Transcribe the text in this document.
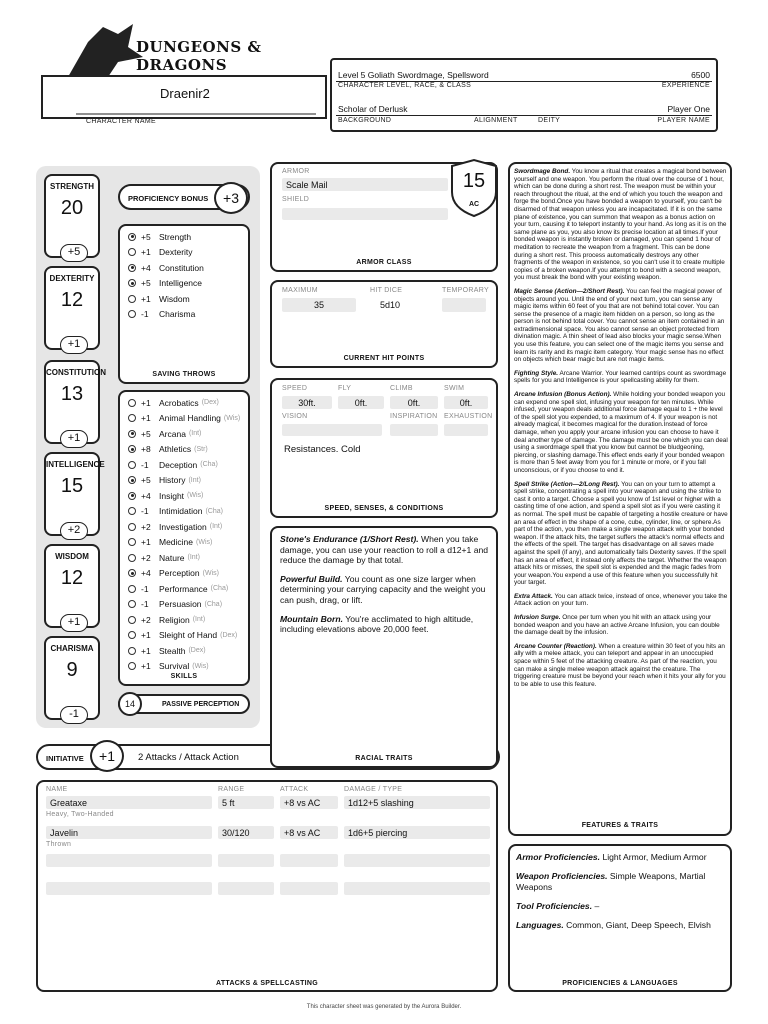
DUNGEONS & DRAGONS
Draenir2
CHARACTER NAME
Level 5 Goliath Swordmage, Spellsword	6500
CHARACTER LEVEL, RACE, & CLASS	EXPERIENCE
Scholar of Derlusk	Player One
BACKGROUND	ALIGNMENT	DEITY	PLAYER NAME
STRENGTH
20
+5
DEXTERITY
12
+1
CONSTITUTION
13
+1
INTELLIGENCE
15
+2
WISDOM
12
+1
CHARISMA
9
-1
PROFICIENCY BONUS	+3
SAVING THROWS
+5 Strength
+1 Dexterity
+4 Constitution
+5 Intelligence
+1 Wisdom
-1	Charisma
SKILLS
+1 Acrobatics (Dex)
+1 Animal Handling (Wis)
+5 Arcana (Int)
+8 Athletics (Str)
-1	Deception (Cha)
+5 History (Int)
+4 Insight (Wis)
-1	Intimidation (Cha)
+2 Investigation (Int)
+1 Medicine (Wis)
+2 Nature (Int)
+4 Perception (Wis)
-1	Performance (Cha)
-1	Persuasion (Cha)
+2 Religion (Int)
+1 Sleight of Hand (Dex)
+1 Stealth (Dex)
+1 Survival (Wis)
PASSIVE PERCEPTION
14
INITIATIVE	2 Attacks / Attack Action
+1
ARMOR
Scale Mail
SHIELD
ARMOR CLASS
15
AC
MAXIMUM	HIT DICE	TEMPORARY
35	5d10
CURRENT HIT POINTS
SPEED	FLY	CLIMB	SWIM
30ft.	0ft.	0ft.	0ft.
VISION	INSPIRATION EXHAUSTION
Resistances. Cold
SPEED, SENSES, & CONDITIONS

Stone's Endurance (1/Short Rest). When you take damage, you can use your reaction to roll a d12+1 and reduce the damage by that total.

Powerful Build. You count as one size larger when determining your carrying capacity and the weight you can push, drag, or lift.

Mountain Born. You're acclimated to high altitude, including elevations above 20,000 feet.

RACIAL TRAITS
NAME	RANGE	ATTACK	DAMAGE / TYPE
Greataxe	5 ft	+8 vs AC	1d12+5 slashing
Heavy, Two-Handed
Javelin	30/120	+8 vs AC	1d6+5 piercing
Thrown
ATTACKS & SPELLCASTING

Swordmage Bond. You know a ritual that creates a magical bond between yourself and one weapon. You perform the ritual over the course of 1 hour, which can be done during a short rest. The weapon must be within your reach throughout the ritual, at the end of which you touch the weapon and forge the bond.Once you have bonded a weapon to yourself, you can't be disarmed of that weapon unless you are incapacitated. If it is on the same plane of existence, you can summon that weapon as a bonus action on your turn, causing it to teleport instantly to your hand. As long as it is on the same plane as you, you also know its precise location at all times.If your bonded weapon is instantly broken or damaged, you can spend 1 hour of meditation to recreate the weapon from a fragment. This can be done during a short rest. This process automatically destroys any other fragments of the weapon in existence, so you can't use it to create multiple copies of a broken weapon.If you attempt to bond with a second weapon, you must break the bond with your existing weapon.

Magic Sense (Action—2/Short Rest). You can feel the magical power of objects around you. Until the end of your next turn, you can sense any magic items within 60 feet of you that are not behind total cover. You can sense the presence of a magic item hidden on a person, so long as the person is not behind total cover. You cannot sense an item contained in an extradimensional space. You also cannot sense an object protected from divination magic. A thin sheet of lead also blocks your magic sense.When you use this feature, you can select one of the magic items you sense and learn its rarity and its magic item category. Your magic sense has no effect on objects which bear magic but are not magic items.

Fighting Style. Arcane Warrior. Your learned cantrips count as swordmage spells for you and Intelligence is your spellcasting ability for them.

Arcane Infusion (Bonus Action). While holding your bonded weapon you can expend one spell slot, infusing your weapon for ten minutes. While infused, your weapon deals additional force damage equal to 1 + the level of the spell slot you expended, to a maximum of 4. If your weapon is not already magical, it becomes magical for the duration.Instead of force damage, when you apply your arcane infusion you can choose to have it deal another type of damage. The damage must be one which you can deal using a swordmage spell that you know but cannot be bludgeoning, piercing, or slashing damage.This effect ends early if your bonded weapon is more than 5 feet away from you for 1 minute or more, or if you fall unconscious, or if you choose to end it.

Spell Strike (Action—2/Long Rest). You can on your turn to attempt a spell strike, concentrating a spell into your weapon and using the strike to cast it onto a target. Choose a spell you know of 1st level or higher with a casting time of one action, and spend a spell slot as if you were casting it as normal. The spell must be capable of targeting a hostile creature or have an area of effect in the shape of a cone, cube, cylinder, line, or sphere.As part of the action, you then make a single weapon attack with your bonded weapon. If the attack hits, the target suffers the attack's normal effects and the effects of the spell. The target has disadvantage on all saves made against the spell (if any), and automatically fails Dexterity saves. If the spell has an area of effect, it instead only affects the target. Whether the weapon attack hits or misses, the spell slot is expended and the magic fades from your weapon.You expend a use of this feature when you successfully hit your target.

Extra Attack. You can attack twice, instead of once, whenever you take the Attack action on your turn.

Infusion Surge. Once per turn when you hit with an attack using your bonded weapon and you have an active Arcane Infusion, you can double the damage dealt by the infusion.

Arcane Counter (Reaction). When a creature within 30 feet of you hits an ally with a melee attack, you can teleport and appear in an unoccupied space within 5 feet of the attacking creature. As part of the reaction, you can make a single melee weapon attack against the creature. The triggering creature must be beyond your reach when it hits your ally for you to be able to use this feature.

FEATURES & TRAITS

Armor Proficiencies. Light Armor, Medium Armor

Weapon Proficiencies. Simple Weapons, Martial Weapons

Tool Proficiencies. –

Languages. Common, Giant, Deep Speech, Elvish

PROFICIENCIES & LANGUAGES
This character sheet was generated by the Aurora Builder.
